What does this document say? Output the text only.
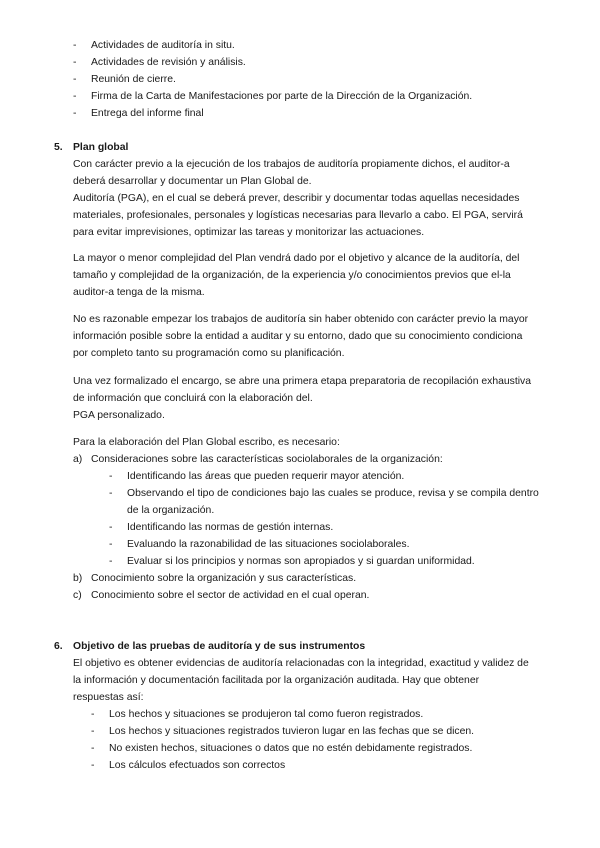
- Actividades de auditoría in situ.
- Actividades de revisión y análisis.
- Reunión de cierre.
- Firma de la Carta de Manifestaciones por parte de la Dirección de la Organización.
- Entrega del informe final
5. Plan global
Con carácter previo a la ejecución de los trabajos de auditoría propiamente dichos, el auditor-a
deberá desarrollar y documentar un Plan Global de.
Auditoría (PGA), en el cual se deberá prever, describir y documentar todas aquellas necesidades
materiales, profesionales, personales y logísticas necesarias para llevarlo a cabo. El PGA, servirá
para evitar imprevisiones, optimizar las tareas y monitorizar las actuaciones.
La mayor o menor complejidad del Plan vendrá dado por el objetivo y alcance de la auditoría, del
tamaño y complejidad de la organización, de la experiencia y/o conocimientos previos que el-la
auditor-a tenga de la misma.
No es razonable empezar los trabajos de auditoría sin haber obtenido con carácter previo la mayor
información posible sobre la entidad a auditar y su entorno, dado que su conocimiento condiciona
por completo tanto su programación como su planificación.
Una vez formalizado el encargo, se abre una primera etapa preparatoria de recopilación exhaustiva
de información que concluirá con la elaboración del.
PGA personalizado.
Para la elaboración del Plan Global escribo, es necesario:
a) Consideraciones sobre las características sociolaborales de la organización:
- Identificando las áreas que pueden requerir mayor atención.
- Observando el tipo de condiciones bajo las cuales se produce, revisa y se compila dentro
de la organización.
- Identificando las normas de gestión internas.
- Evaluando la razonabilidad de las situaciones sociolaborales.
- Evaluar si los principios y normas son apropiados y si guardan uniformidad.
b) Conocimiento sobre la organización y sus características.
c) Conocimiento sobre el sector de actividad en el cual operan.
6. Objetivo de las pruebas de auditoría y de sus instrumentos
El objetivo es obtener evidencias de auditoría relacionadas con la integridad, exactitud y validez de
la información y documentación facilitada por la organización auditada. Hay que obtener
respuestas así:
- Los hechos y situaciones se produjeron tal como fueron registrados.
- Los hechos y situaciones registrados tuvieron lugar en las fechas que se dicen.
- No existen hechos, situaciones o datos que no estén debidamente registrados.
- Los cálculos efectuados son correctos
